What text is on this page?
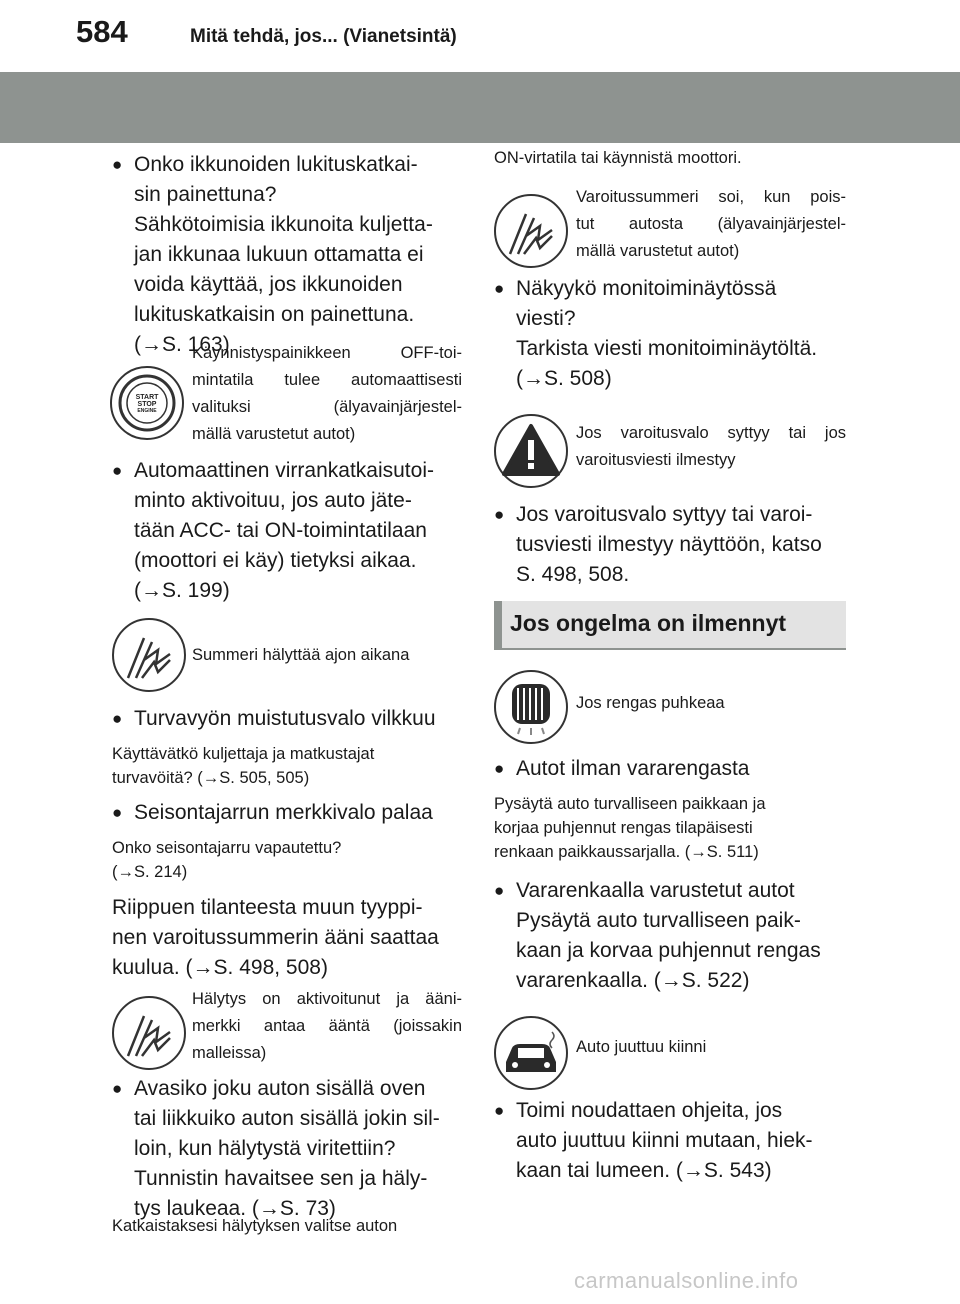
584	Mitä tehdä, jos... (Vianetsintä)
● Onko ikkunoiden lukituskatkai-
sin painettuna?
Sähkötoimisia ikkunoita kuljetta-
jan ikkunaa lukuun ottamatta ei
voida käyttää, jos ikkunoiden
lukituskatkaisin on painettuna.
(→S. 163)
START
STOP
ENGINE
Käynnistyspainikkeen OFF-toi-
mintatila tulee automaattisesti
valituksi (älyavainjärjestel-
mällä varustetut autot)
● Automaattinen virrankatkaisutoi-
minto aktivoituu, jos auto jäte-
tään ACC- tai ON-toimintatilaan
(moottori ei käy) tietyksi aikaa.
(→S. 199)
Summeri hälyttää ajon aikana
● Turvavyön muistutusvalo vilkkuu
Käyttävätkö kuljettaja ja matkustajat
turvavöitä? (→S. 505, 505)
● Seisontajarrun merkkivalo palaa
Onko seisontajarru vapautettu?
(→S. 214)
Riippuen tilanteesta muun tyyppi-
nen varoitussummerin ääni saattaa
kuulua. (→S. 498, 508)
Hälytys on aktivoitunut ja ääni-
merkki antaa ääntä (joissakin
malleissa)
● Avasiko joku auton sisällä oven
tai liikkuiko auton sisällä jokin sil-
loin, kun hälytystä viritettiin?
Tunnistin havaitsee sen ja häly-
tys laukeaa. (→S. 73)
Katkaistaksesi hälytyksen valitse auton
ON-virtatila tai käynnistä moottori.
Varoitussummeri soi, kun pois-
tut autosta (älyavainjärjestel-
mällä varustetut autot)
● Näkyykö monitoiminäytössä
viesti?
Tarkista viesti monitoiminäytöltä.
(→S. 508)
Jos varoitusvalo syttyy tai jos
varoitusviesti ilmestyy
● Jos varoitusvalo syttyy tai varoi-
tusviesti ilmestyy näyttöön, katso
S. 498, 508.
Jos ongelma on ilmennyt
Jos rengas puhkeaa
● Autot ilman vararengasta
Pysäytä auto turvalliseen paikkaan ja
korjaa puhjennut rengas tilapäisesti
renkaan paikkaussarjalla. (→S. 511)
● Vararenkaalla varustetut autot
Pysäytä auto turvalliseen paik-
kaan ja korvaa puhjennut rengas
vararenkaalla. (→S. 522)
Auto juuttuu kiinni
● Toimi noudattaen ohjeita, jos
auto juuttuu kiinni mutaan, hiek-
kaan tai lumeen. (→S. 543)
carmanualsonline.info
